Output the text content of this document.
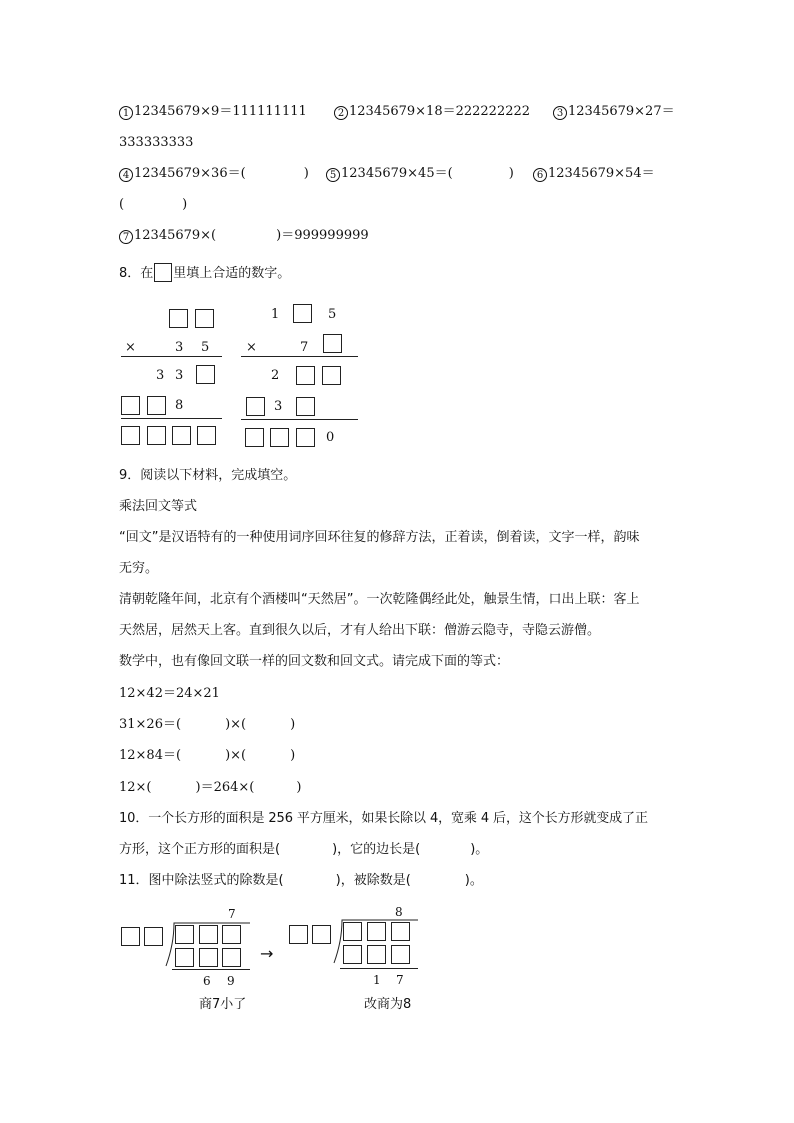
1 12345679×9＝111111111	2 12345679×18＝222222222	3 12345679×27＝
333333333
4 12345679×36＝(	)	5 12345679×45＝(	)	6 12345679×54＝
(	)
7 12345679×(	)＝999999999
8．在 里填上合适的数字。
×	3 5
3 3
8
1	5
×	7
2
3
0
9．阅读以下材料，完成填空。
乘法回文等式
“回文”是汉语特有的一种使用词序回环往复的修辞方法，正着读，倒着读，文字一样，韵味
无穷。
清朝乾隆年间，北京有个酒楼叫“天然居”。一次乾隆偶经此处，触景生情，口出上联：客上
天然居，居然天上客。直到很久以后，才有人给出下联：僧游云隐寺，寺隐云游僧。
数学中，也有像回文联一样的回文数和回文式。请完成下面的等式：
12×42＝24×21
31×26＝(	)×(	)
12×84＝(	)×(	)
12×(	)＝264×(	)
10．一个长方形的面积是 256 平方厘米，如果长除以 4，宽乘 4 后，这个长方形就变成了正
方形，这个正方形的面积是(	)，它的边长是(	)。
11．图中除法竖式的除数是(	)，被除数是(	)。
7
6 9
商7小了
→
8
1 7
改商为8
